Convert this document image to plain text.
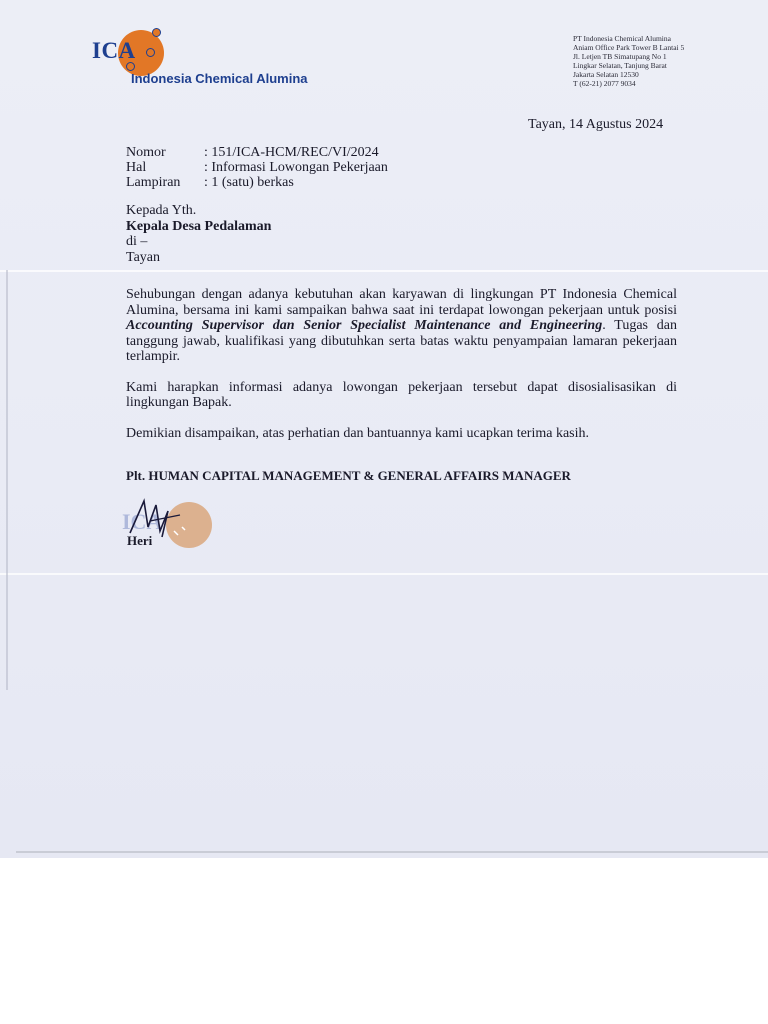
ICA
Indonesia Chemical Alumina
PT Indonesia Chemical Alumina
Aniam Office Park Tower B Lantai 5
Jl. Letjen TB Simatupang No 1
Lingkar Selatan, Tanjung Barat
Jakarta Selatan 12530
T (62-21) 2077 9034
Tayan, 14 Agustus 2024
Nomor	: 151/ICA-HCM/REC/VI/2024
Hal	: Informasi Lowongan Pekerjaan
Lampiran	: 1 (satu) berkas
Kepada Yth.
Kepala Desa Pedalaman
di –
Tayan

Sehubungan dengan adanya kebutuhan akan karyawan di lingkungan PT Indonesia Chemical Alumina, bersama ini kami sampaikan bahwa saat ini terdapat lowongan pekerjaan untuk posisi Accounting Supervisor dan Senior Specialist Maintenance and Engineering. Tugas dan tanggung jawab, kualifikasi yang dibutuhkan serta batas waktu penyampaian lamaran pekerjaan terlampir.

Kami harapkan informasi adanya lowongan pekerjaan tersebut dapat disosialisasikan di lingkungan Bapak.

Demikian disampaikan, atas perhatian dan bantuannya kami ucapkan terima kasih.

Plt. HUMAN CAPITAL MANAGEMENT & GENERAL AFFAIRS MANAGER
ICA
Heri
